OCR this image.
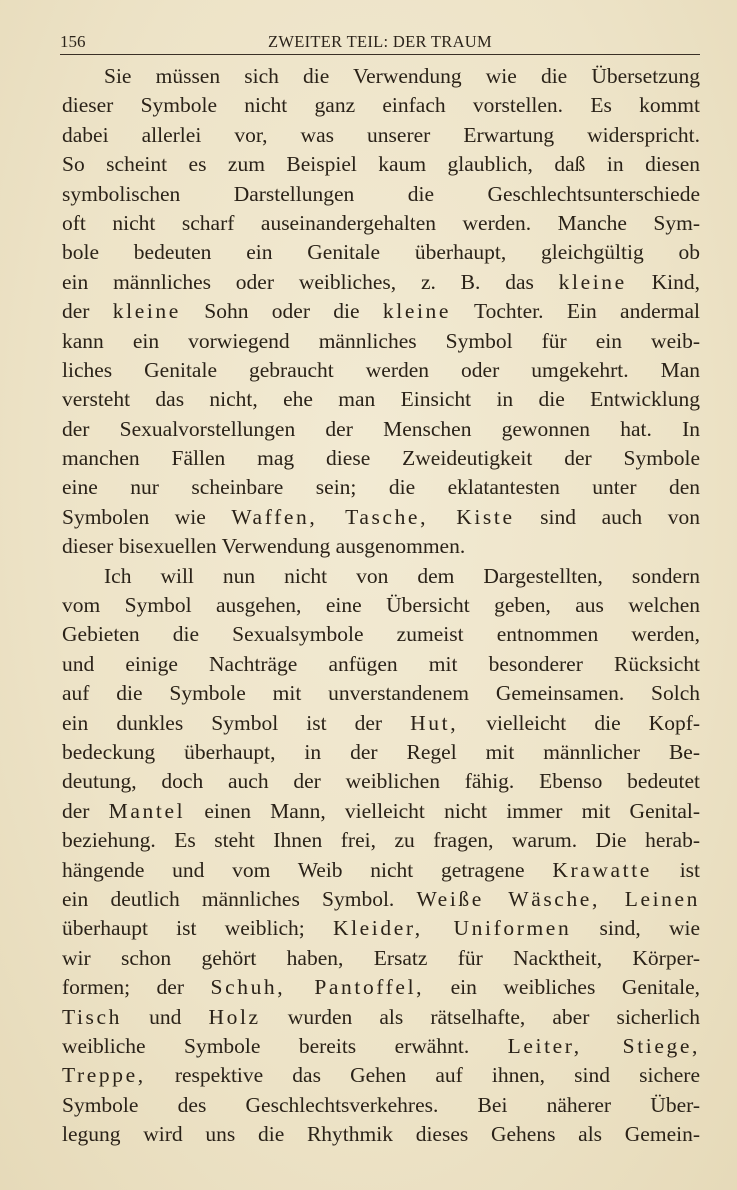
156	ZWEITER TEIL: DER TRAUM
Sie müssen sich die Verwendung wie die Übersetzung
dieser Symbole nicht ganz einfach vorstellen. Es kommt
dabei allerlei vor, was unserer Erwartung widerspricht.
So scheint es zum Beispiel kaum glaublich, daß in diesen
symbolischen Darstellungen die Geschlechtsunterschiede
oft nicht scharf auseinandergehalten werden. Manche Sym-
bole bedeuten ein Genitale überhaupt, gleichgültig ob
ein männliches oder weibliches, z. B. das kleine Kind,
der kleine Sohn oder die kleine Tochter. Ein andermal
kann ein vorwiegend männliches Symbol für ein weib-
liches Genitale gebraucht werden oder umgekehrt. Man
versteht das nicht, ehe man Einsicht in die Entwicklung
der Sexualvorstellungen der Menschen gewonnen hat. In
manchen Fällen mag diese Zweideutigkeit der Symbole
eine nur scheinbare sein; die eklatantesten unter den
Symbolen wie Waffen, Tasche, Kiste sind auch von
dieser bisexuellen Verwendung ausgenommen.
Ich will nun nicht von dem Dargestellten, sondern
vom Symbol ausgehen, eine Übersicht geben, aus welchen
Gebieten die Sexualsymbole zumeist entnommen werden,
und einige Nachträge anfügen mit besonderer Rücksicht
auf die Symbole mit unverstandenem Gemeinsamen. Solch
ein dunkles Symbol ist der Hut, vielleicht die Kopf-
bedeckung überhaupt, in der Regel mit männlicher Be-
deutung, doch auch der weiblichen fähig. Ebenso bedeutet
der Mantel einen Mann, vielleicht nicht immer mit Genital-
beziehung. Es steht Ihnen frei, zu fragen, warum. Die herab-
hängende und vom Weib nicht getragene Krawatte ist
ein deutlich männliches Symbol. Weiße Wäsche, Leinen
überhaupt ist weiblich; Kleider, Uniformen sind, wie
wir schon gehört haben, Ersatz für Nacktheit, Körper-
formen; der Schuh, Pantoffel, ein weibliches Genitale,
Tisch und Holz wurden als rätselhafte, aber sicherlich
weibliche Symbole bereits erwähnt. Leiter, Stiege,
Treppe, respektive das Gehen auf ihnen, sind sichere
Symbole des Geschlechtsverkehres. Bei näherer Über-
legung wird uns die Rhythmik dieses Gehens als Gemein-
